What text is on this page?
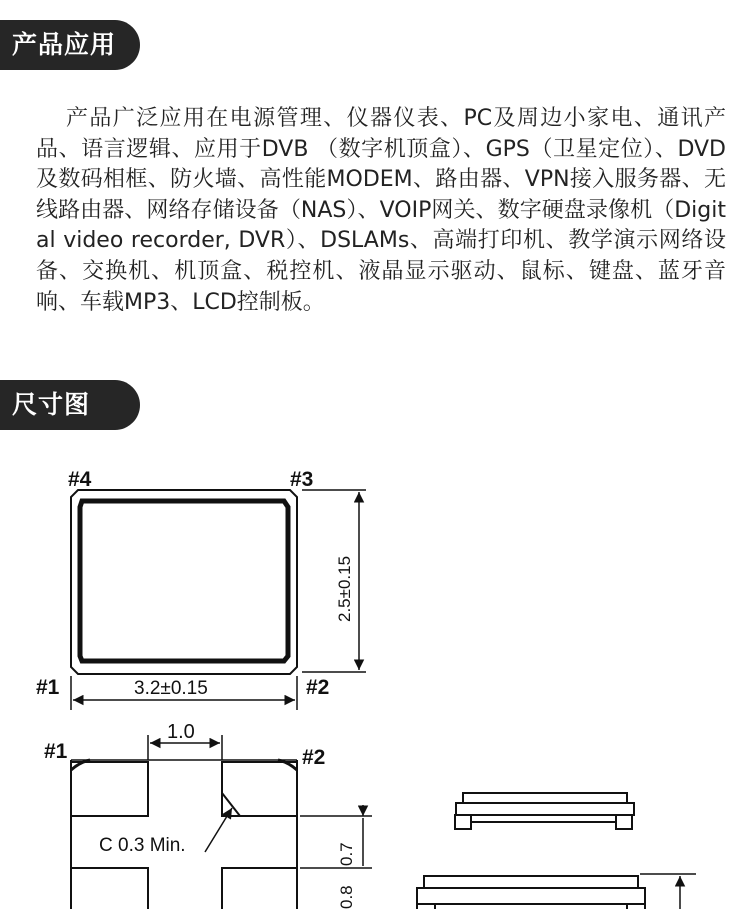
产品应用
产品广泛应用在电源管理、仪器仪表、PC及周边小家电、通讯产品、语言逻辑、应用于DVB （数字机顶盒）、GPS（卫星定位）、DVD及数码相框、防火墙、高性能MODEM、路由器、VPN接入服务器、无线路由器、网络存储设备（NAS）、VOIP网关、数字硬盘录像机（Digital video recorder, DVR）、DSLAMs、高端打印机、教学演示网络设备、交换机、机顶盒、税控机、液晶显示驱动、鼠标、键盘、蓝牙音响、车载MP3、LCD控制板。
尺寸图
#4	#3
#1	#2
2.5±0.15
3.2±0.15
#1	#2
1.0
C 0.3 Min.	0.7
0.8
